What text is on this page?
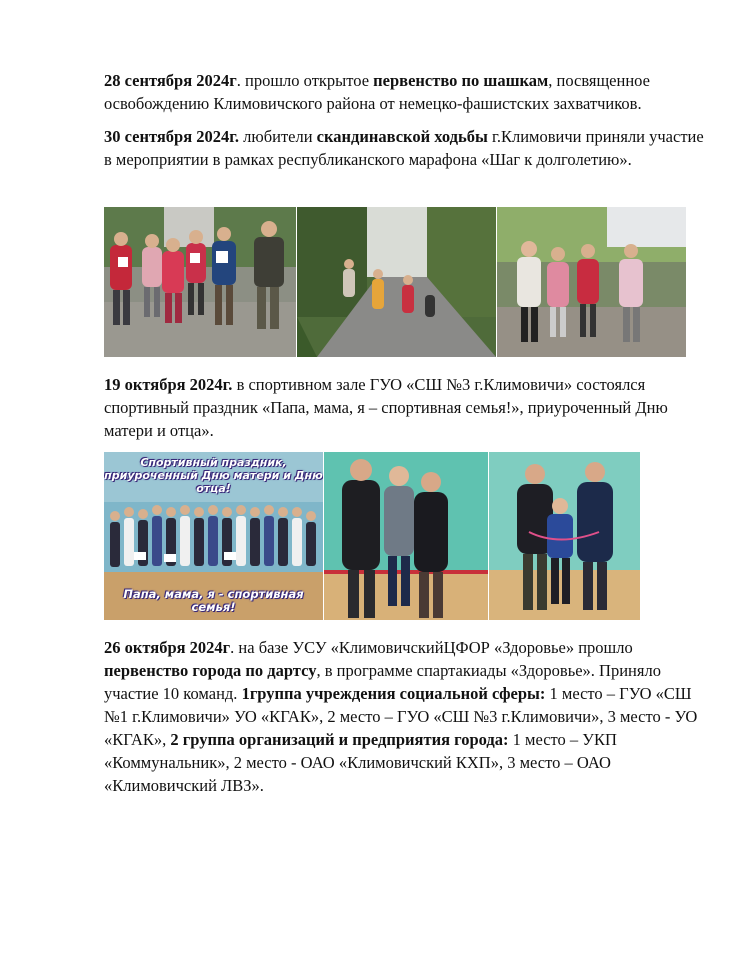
28 сентября 2024г. прошло открытое первенство по шашкам, посвященное освобождению Климовичского района от немецко-фашистских захватчиков.

30 сентября 2024г. любители скандинавской ходьбы г.Климовичи приняли участие в мероприятии в рамках республиканского марафона «Шаг к долголетию».

19 октября 2024г. в спортивном зале ГУО «СШ №3 г.Климовичи» состоялся спортивный праздник «Папа, мама, я – спортивная семья!», приуроченный Дню матери и отца».

Спортивный праздник, приуроченный Дню матери и Дню отца!
Папа, мама, я - спортивная семья!

26 октября 2024г. на базе УСУ «КлимовичскийЦФОР «Здоровье» прошло первенство города по дартсу, в программе спартакиады «Здоровье». Приняло участие 10 команд. 1группа учреждения социальной сферы: 1 место – ГУО «СШ №1 г.Климовичи» УО «КГАК», 2 место – ГУО «СШ №3 г.Климовичи», 3 место - УО «КГАК», 2 группа организаций и предприятия города: 1 место – УКП «Коммунальник», 2 место - ОАО «Климовичский КХП», 3 место – ОАО «Климовичский ЛВЗ».
